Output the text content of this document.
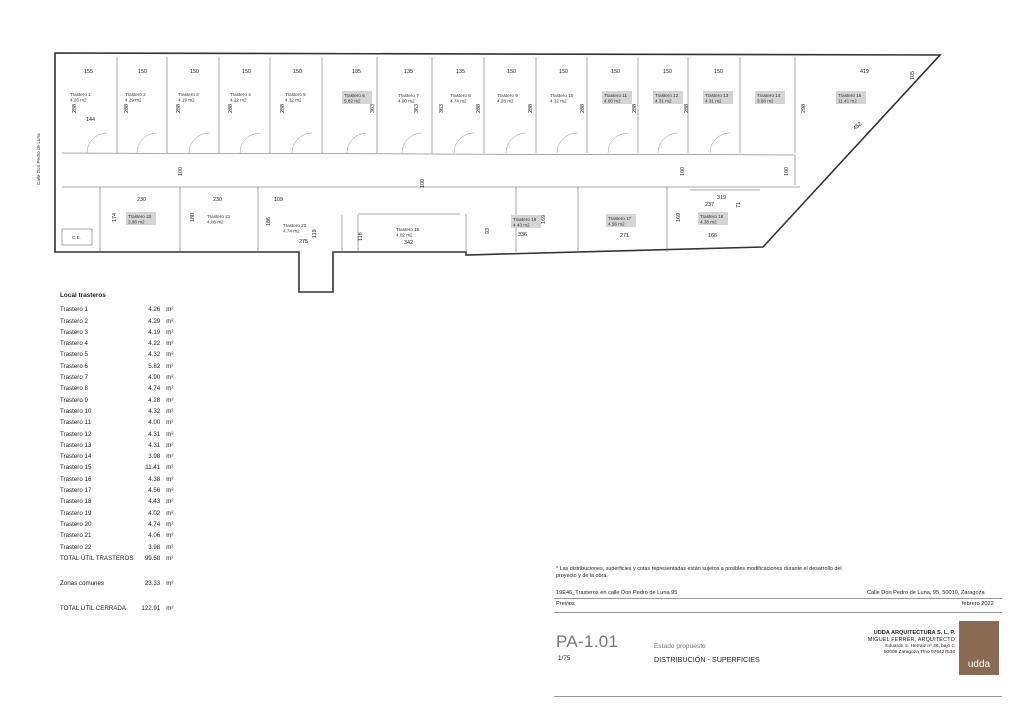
Trastero 1
4.26 m2
Trastero 2
4.29 m2
Trastero 3
4.19 m2
Trastero 4
4.22 m2
Trastero 5
4.32 m2
Trastero 6
5.82 m2
Trastero 7
4.90 m2
Trastero 8
4.74 m2
Trastero 9
4.28 m2
Trastero 10
4.32 m2
Trastero 11
4.00 m2
Trastero 12
4.31 m2
Trastero 13
4.31 m2
Trastero 14
3.98 m2
Trastero 15
11.41 m2
Trastero 16
4.38 m2
Trastero 17
4.56 m2
Trastero 18
4.43 m2
Trastero 19
4.02 m2
Trastero 20
4.74 m2
Trastero 21
4.06 m2
Trastero 22
3.98 m2
155	150	150	150	150	185	135	135	150	150	150	150	150	419
288	288	288	288	288	363	363	363	288	288	288	288	288	298
144
100
100
100	100
105
452
230	230	109
174	180	186
119	118
275	342
93
336
169
271
169
166
319
237	71
Calle Don Pedro de Luna
C.E.
Local trasteros
Trastero 1	4.26 m²
Trastero 2	4.29 m²
Trastero 3	4.19 m²
Trastero 4	4.22 m²
Trastero 5	4.32 m²
Trastero 6	5.82 m²
Trastero 7	4.90 m²
Trastero 8	4.74 m²
Trastero 9	4.28 m²
Trastero 10	4.32 m²
Trastero 11	4.00 m²
Trastero 12	4.31 m²
Trastero 13	4.31 m²
Trastero 14	3.98 m²
Trastero 15	11.41 m²
Trastero 16	4.38 m²
Trastero 17	4.56 m²
Trastero 18	4.43 m²
Trastero 19	4.02 m²
Trastero 20	4.74 m²
Trastero 21	4.06 m²
Trastero 22	3.98 m²
TOTAL ÚTIL TRASTEROS	99.58 m²
Zonas comunes	23.33 m²
TOTAL ÚTIL CERRADA	122.91 m²
* Las distribuciones, superficies y cotas representadas están sujetos a posibles modificaciones durante el desarrollo del proyecto y de la obra.
19E46_Trasteros en calle Don Pedro de Luna 95	Calle Don Pedro de Luna, 95, 50010, Zaragoza
Previos	febrero 2022
PA-1.01
1/75
Estado propuesto
DISTRIBUCIÓN - SUPERFICIES
UDDA ARQUITECTURA S. L. P.
MIGUEL FERRER, ARQUITECTO
Eduardo S. Herraiz nº 36, bajo C
50008 Zaragoza Tfno 976427536
udda
